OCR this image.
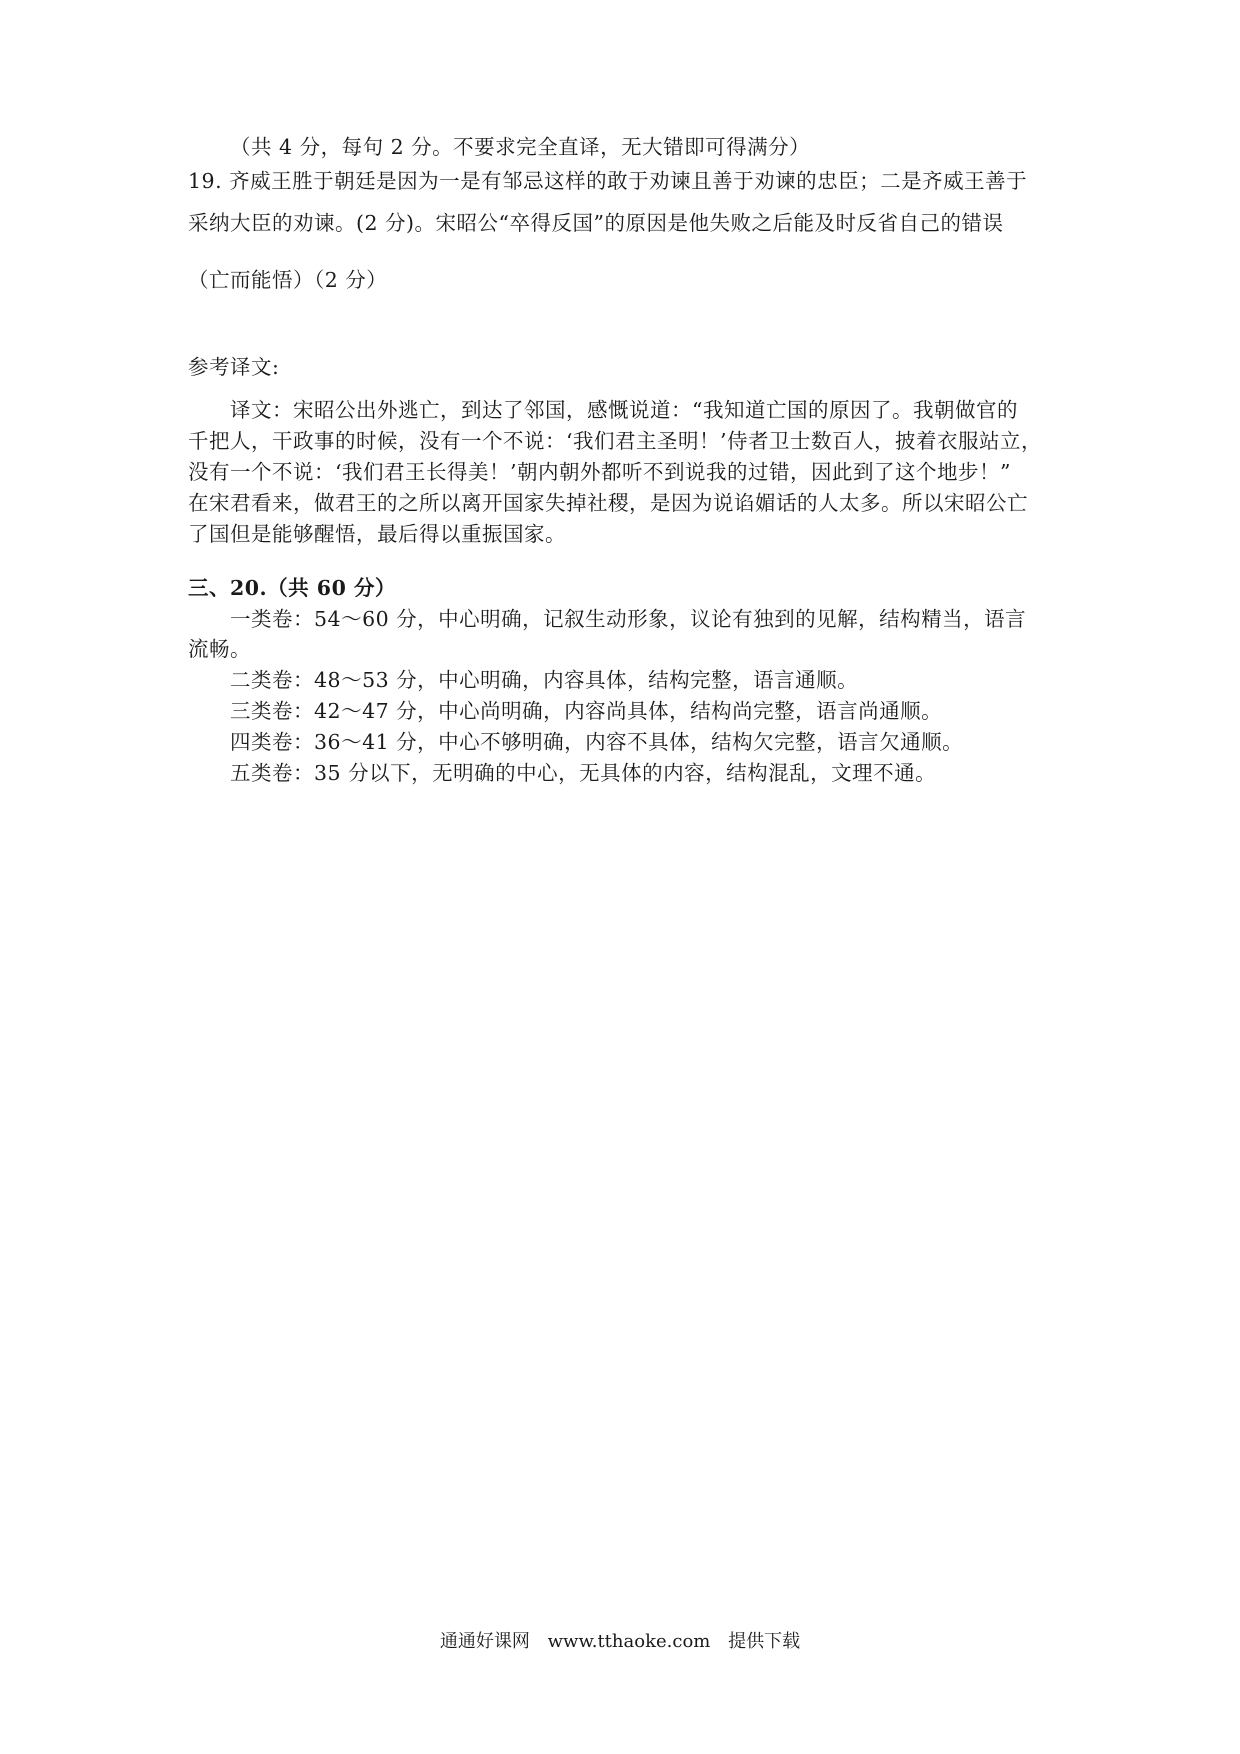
（共 4 分，每句 2 分。不要求完全直译，无大错即可得满分）
19. 齐威王胜于朝廷是因为一是有邹忌这样的敢于劝谏且善于劝谏的忠臣；二是齐威王善于
采纳大臣的劝谏。(2 分)。宋昭公“卒得反国”的原因是他失败之后能及时反省自己的错误
（亡而能悟）（2 分）
参考译文:
译文：宋昭公出外逃亡，到达了邻国，感慨说道：“我知道亡国的原因了。我朝做官的
千把人，干政事的时候，没有一个不说：‘我们君主圣明！’侍者卫士数百人，披着衣服站立，
没有一个不说：‘我们君王长得美！’朝内朝外都听不到说我的过错，因此到了这个地步！”
在宋君看来，做君王的之所以离开国家失掉社稷，是因为说谄媚话的人太多。所以宋昭公亡
了国但是能够醒悟，最后得以重振国家。
三、20.（共 60 分）
一类卷：54～60 分，中心明确，记叙生动形象，议论有独到的见解，结构精当，语言
流畅。
二类卷：48～53 分，中心明确，内容具体，结构完整，语言通顺。
三类卷：42～47 分，中心尚明确，内容尚具体，结构尚完整，语言尚通顺。
四类卷：36～41 分，中心不够明确，内容不具体，结构欠完整，语言欠通顺。
五类卷：35 分以下，无明确的中心，无具体的内容，结构混乱，文理不通。
通通好课网 www.tthaoke.com 提供下载
